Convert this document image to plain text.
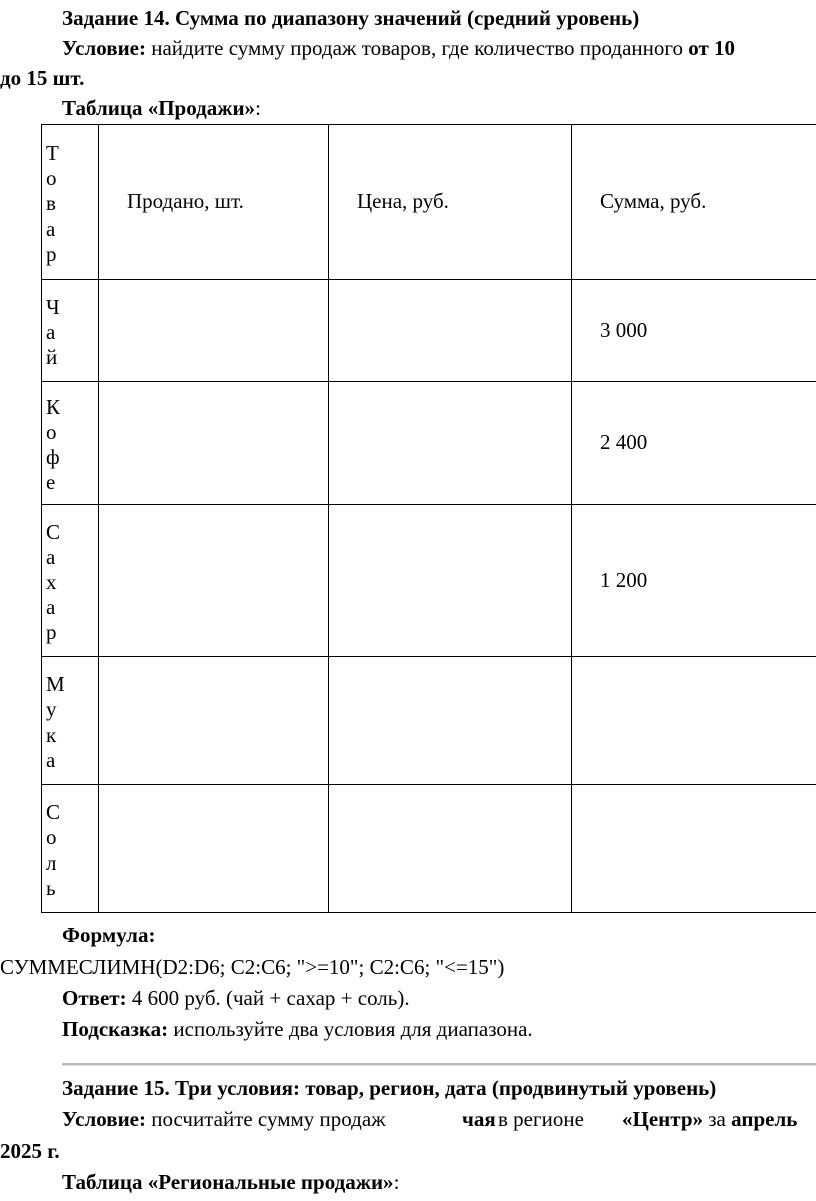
Задание 14. Сумма по диапазону значений (средний уровень)
Условие: найдите сумму продаж товаров, где количество проданного от 10
до 15 шт.
Таблица «Продажи»:
Товар	Продано, шт.	Цена, руб.	Сумма, руб.

Чай			3 000

Кофе			2 400

Сахар			1 200

Мука			

Соль			

Формула:
СУММЕСЛИМН(D2:D6; C2:C6; ">=10"; C2:C6; "<=15")
Ответ: 4 600 руб. (чай + сахар + соль).
Подсказка: используйте два условия для диапазона.
Задание 15. Три условия: товар, регион, дата (продвинутый уровень)
Условие: посчитайте сумму продаж	чая в регионе «Центр» за апрель
2025 г.
Таблица «Региональные продажи»:
